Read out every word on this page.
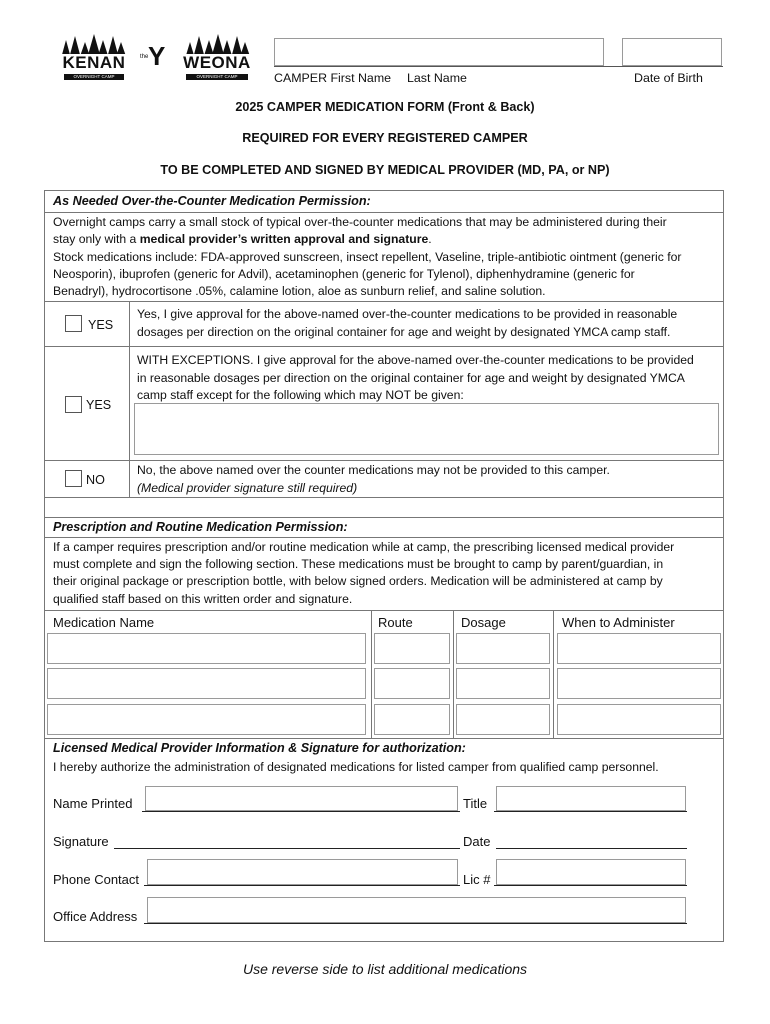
KENAN
OVERNIGHT CAMP
the Y	WEONA
OVERNIGHT CAMP	CAMPER First Name Last Name	Date of Birth
2025 CAMPER MEDICATION FORM (Front & Back)
REQUIRED FOR EVERY REGISTERED CAMPER
TO BE COMPLETED AND SIGNED BY MEDICAL PROVIDER (MD, PA, or NP)
As Needed Over-the-Counter Medication Permission:
Overnight camps carry a small stock of typical over-the-counter medications that may be administered during their
stay only with a medical provider’s written approval and signature.
Stock medications include: FDA-approved sunscreen, insect repellent, Vaseline, triple-antibiotic ointment (generic for
Neosporin), ibuprofen (generic for Advil), acetaminophen (generic for Tylenol), diphenhydramine (generic for
Benadryl), hydrocortisone .05%, calamine lotion, aloe as sunburn relief, and saline solution.
YES
Yes, I give approval for the above-named over-the-counter medications to be provided in reasonable
dosages per direction on the original container for age and weight by designated YMCA camp staff.
YES
WITH EXCEPTIONS. I give approval for the above-named over-the-counter medications to be provided
in reasonable dosages per direction on the original container for age and weight by designated YMCA
camp staff except for the following which may NOT be given:
NO
No, the above named over the counter medications may not be provided to this camper.
(Medical provider signature still required)
Prescription and Routine Medication Permission:
If a camper requires prescription and/or routine medication while at camp, the prescribing licensed medical provider
must complete and sign the following section. These medications must be brought to camp by parent/guardian, in
their original package or prescription bottle, with below signed orders. Medication will be administered at camp by
qualified staff based on this written order and signature.
Medication Name	Route	Dosage	When to Administer
Licensed Medical Provider Information & Signature for authorization:
I hereby authorize the administration of designated medications for listed camper from qualified camp personnel.
Name Printed	Title
Signature	Date
Phone Contact	Lic #
Office Address
Use reverse side to list additional medications
